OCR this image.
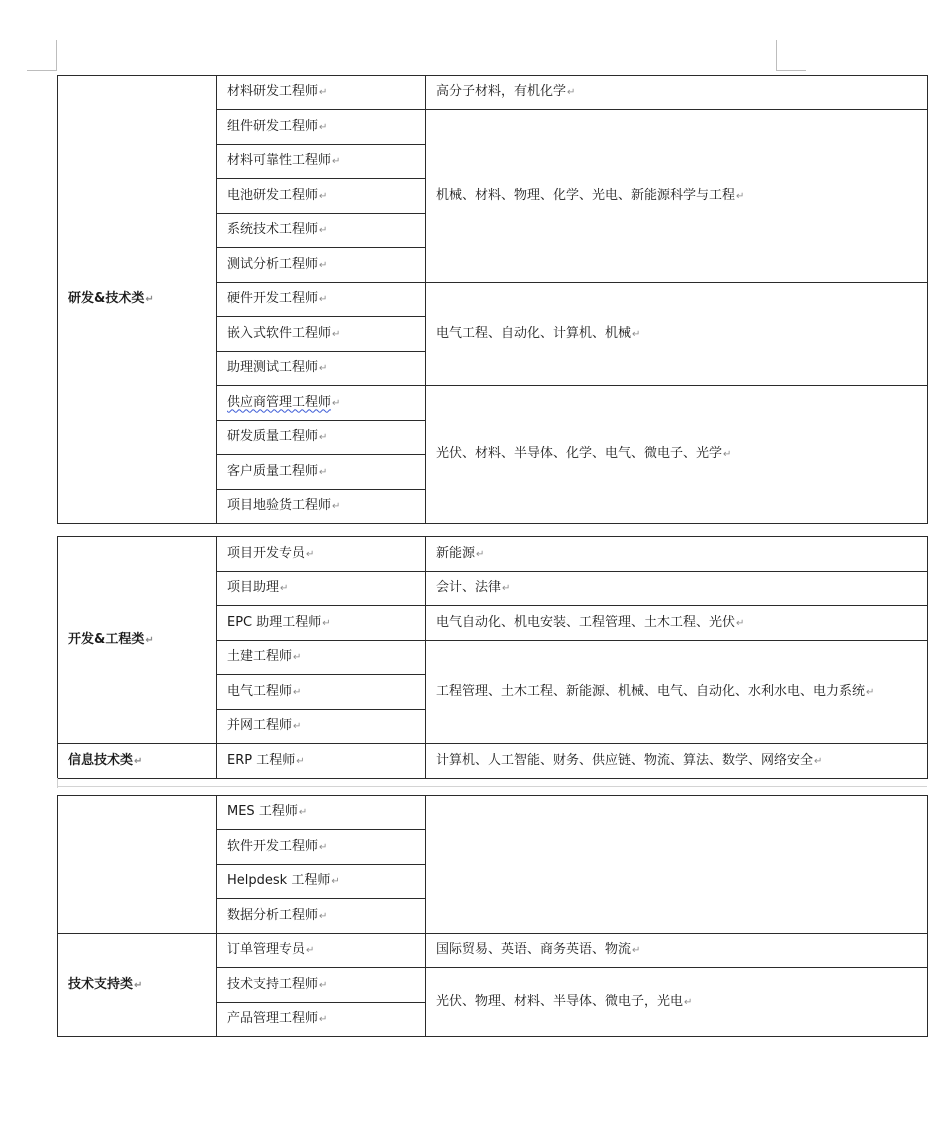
研发&技术类↵	材料研发工程师↵	高分子材料，有机化学↵
	组件研发工程师↵	机械、材料、物理、化学、光电、新能源科学与工程↵
	材料可靠性工程师↵	
	电池研发工程师↵	
	系统技术工程师↵	
	测试分析工程师↵	
	硬件开发工程师↵	电气工程、自动化、计算机、机械↵
	嵌入式软件工程师↵	
	助理测试工程师↵	
	供应商管理工程师↵	光伏、材料、半导体、化学、电气、微电子、光学↵
	研发质量工程师↵	
	客户质量工程师↵	
	项目地验货工程师↵	
开发&工程类↵	项目开发专员↵	新能源↵
	项目助理↵	会计、法律↵
	EPC 助理工程师↵	电气自动化、机电安装、工程管理、土木工程、光伏↵
	土建工程师↵	工程管理、土木工程、新能源、机械、电气、自动化、水利水电、电力系统↵
	电气工程师↵	
	并网工程师↵	
信息技术类↵	ERP 工程师↵	计算机、人工智能、财务、供应链、物流、算法、数学、网络安全↵
	MES 工程师↵	
	软件开发工程师↵	
	Helpdesk 工程师↵	
	数据分析工程师↵	
技术支持类↵	订单管理专员↵	国际贸易、英语、商务英语、物流↵
	技术支持工程师↵	光伏、物理、材料、半导体、微电子，光电↵
	产品管理工程师↵	
